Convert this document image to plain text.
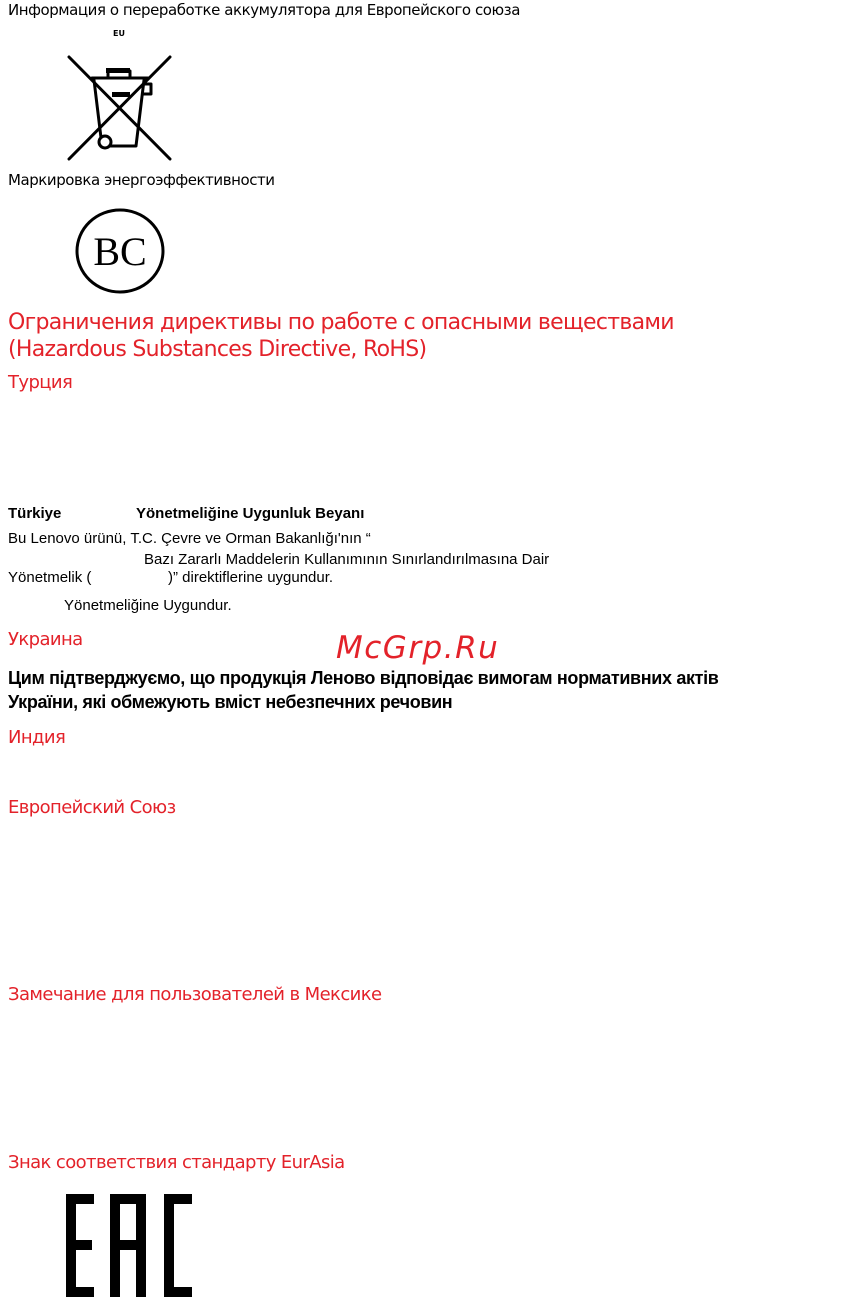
Информация о переработке аккумулятора для Европейского союза
EU
Маркировка энергоэффективности
BC
Ограничения директивы по работе с опасными веществами
(Hazardous Substances Directive, RoHS)
Турция
Türkiye	Yönetmeliğine Uygunluk Beyanı
Bu Lenovo ürünü, T.C. Çevre ve Orman Bakanlığı'nın “
Bazı Zararlı Maddelerin Kullanımının Sınırlandırılmasına Dair
Yönetmelik (	)” direktiflerine uygundur.
Yönetmeliğine Uygundur.
Украина	McGrp.Ru
Цим підтверджуємо, що продукція Леново відповідає вимогам нормативних актів
України, які обмежують вміст небезпечних речовин
Индия
Европейский Союз
Замечание для пользователей в Мексике
Знак соответствия стандарту EurAsia
